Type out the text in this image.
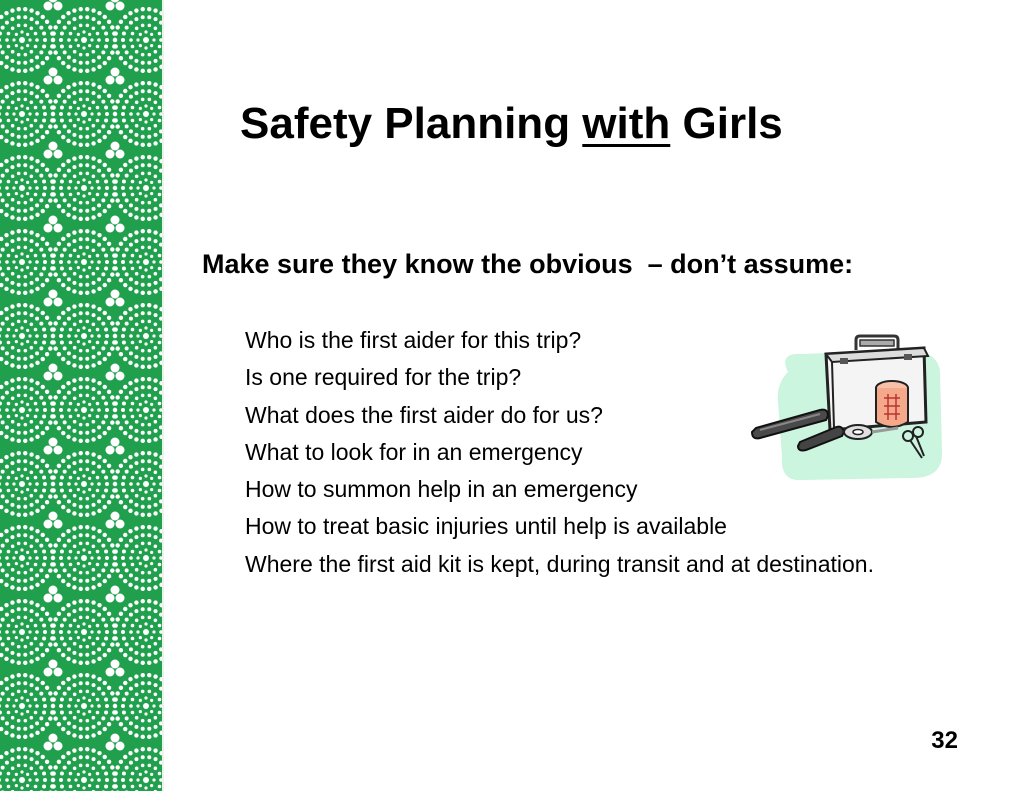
Safety Planning with Girls

Make sure they know the obvious  – don’t assume:

Who is the first aider for this trip?
Is one required for the trip?
What does the first aider do for us?
What to look for in an emergency
How to summon help in an emergency
How to treat basic injuries until help is available
Where the first aid kit is kept, during transit and at destination.

32
